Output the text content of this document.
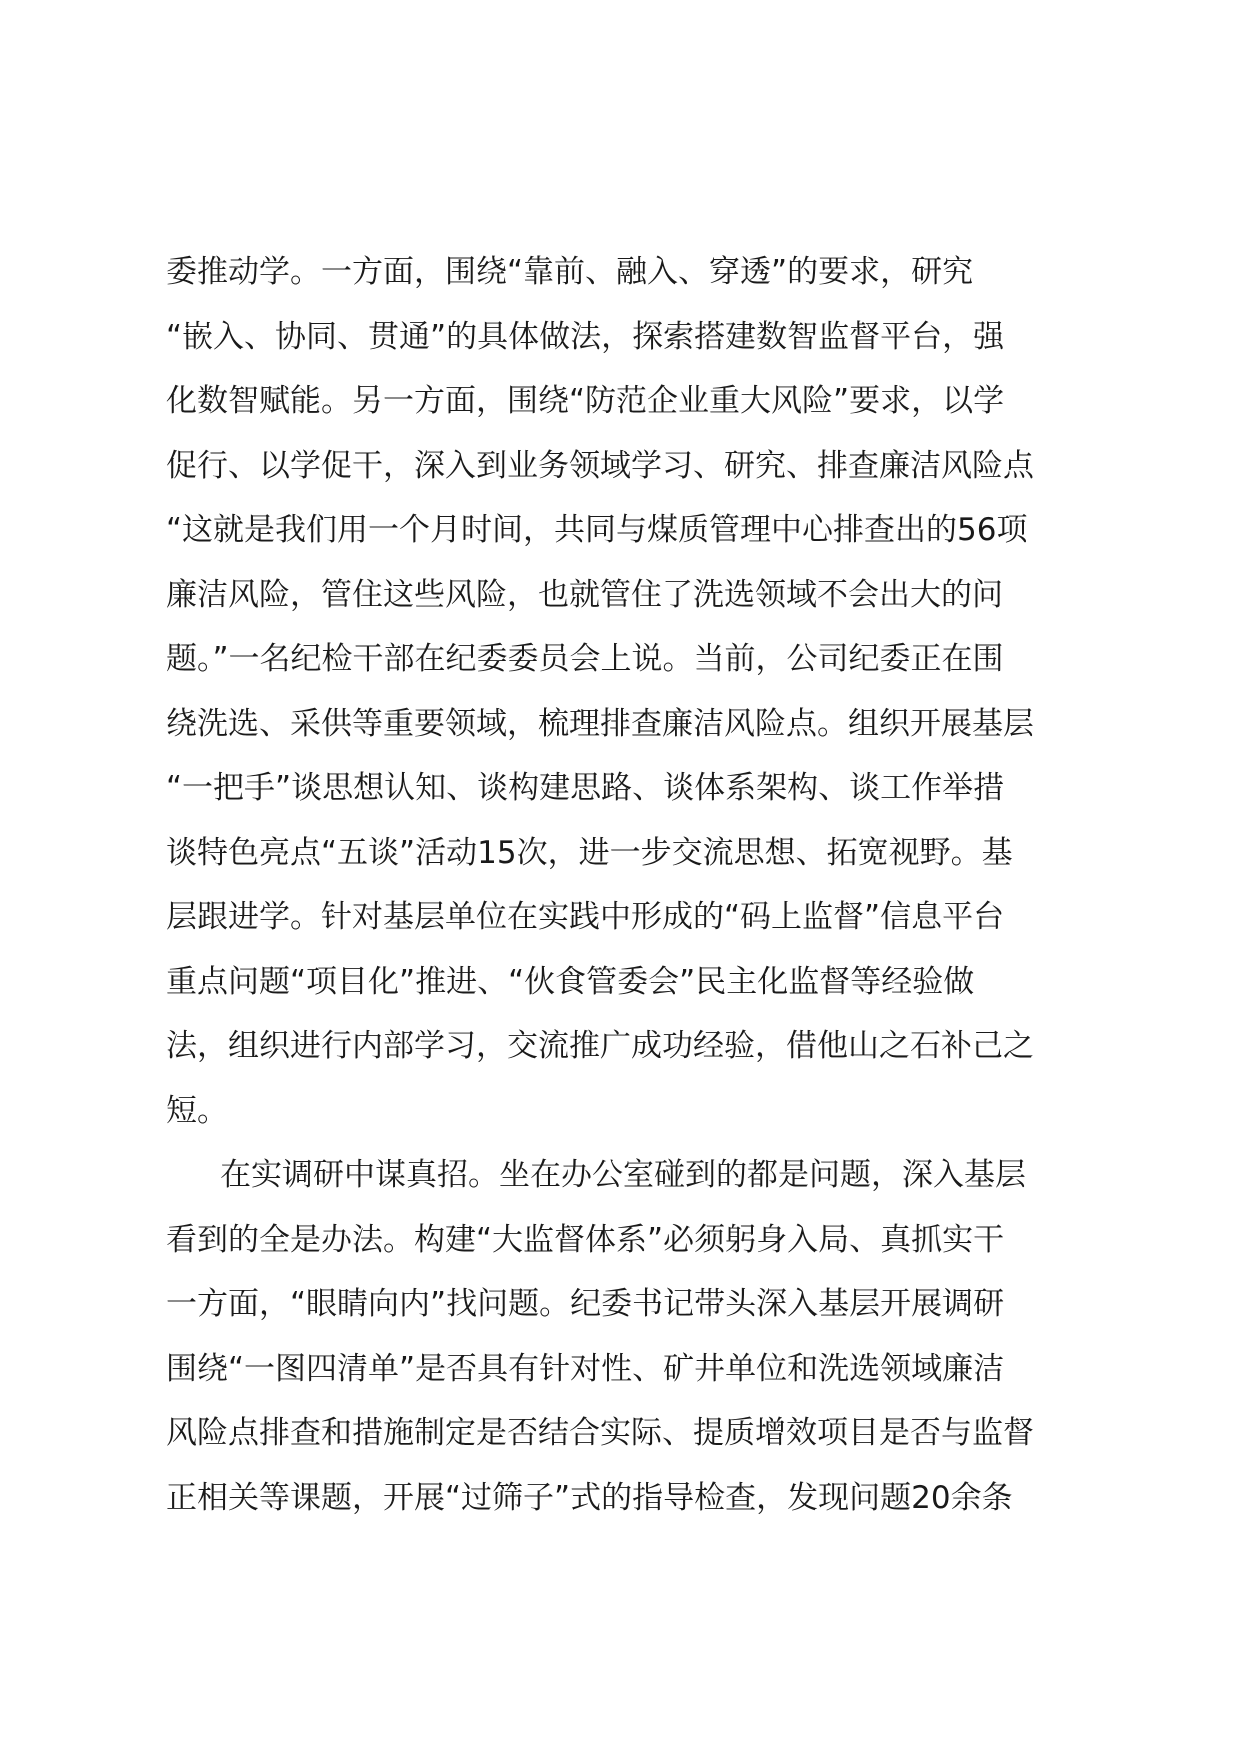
委推动学。一方面，围绕“靠前、融入、穿透”的要求，研究
“嵌入、协同、贯通”的具体做法，探索搭建数智监督平台，强
化数智赋能。另一方面，围绕“防范企业重大风险”要求，以学
促行、以学促干，深入到业务领域学习、研究、排查廉洁风险点
“这就是我们用一个月时间，共同与煤质管理中心排查出的56项
廉洁风险，管住这些风险，也就管住了洗选领域不会出大的问
题。”一名纪检干部在纪委委员会上说。当前，公司纪委正在围
绕洗选、采供等重要领域，梳理排查廉洁风险点。组织开展基层
“一把手”谈思想认知、谈构建思路、谈体系架构、谈工作举措
谈特色亮点“五谈”活动15次，进一步交流思想、拓宽视野。基
层跟进学。针对基层单位在实践中形成的“码上监督”信息平台
重点问题“项目化”推进、“伙食管委会”民主化监督等经验做
法，组织进行内部学习，交流推广成功经验，借他山之石补己之
短。
在实调研中谋真招。坐在办公室碰到的都是问题，深入基层
看到的全是办法。构建“大监督体系”必须躬身入局、真抓实干
一方面，“眼睛向内”找问题。纪委书记带头深入基层开展调研
围绕“一图四清单”是否具有针对性、矿井单位和洗选领域廉洁
风险点排查和措施制定是否结合实际、提质增效项目是否与监督
正相关等课题，开展“过筛子”式的指导检查，发现问题20余条
